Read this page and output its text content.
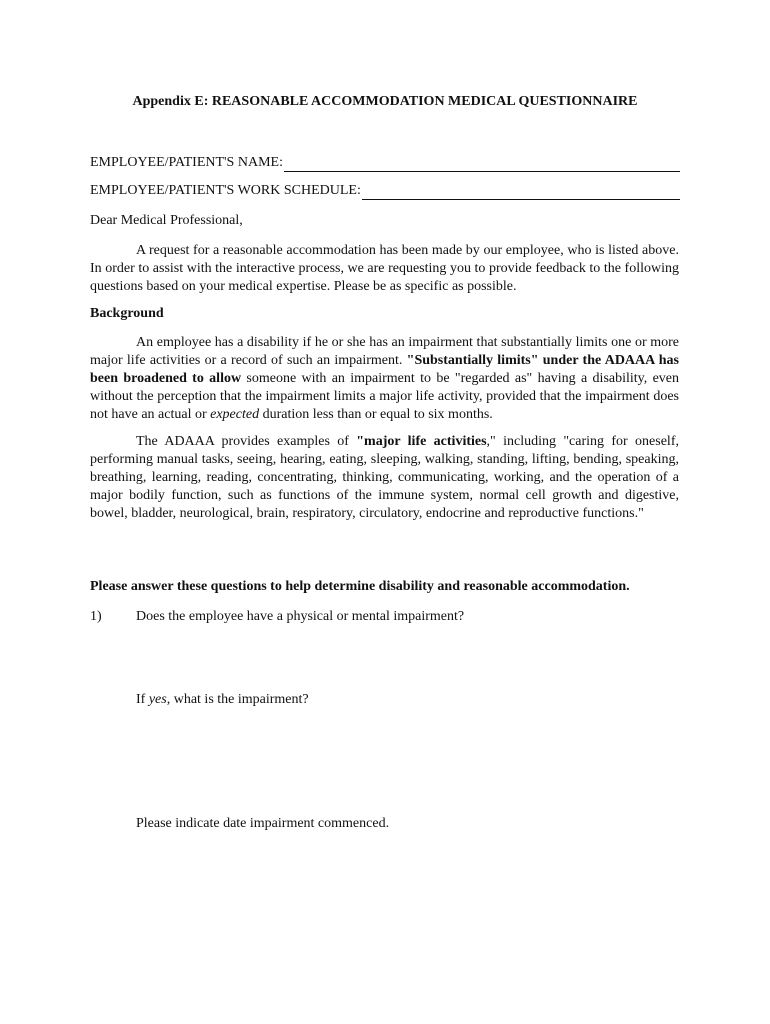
Appendix E: REASONABLE ACCOMMODATION MEDICAL QUESTIONNAIRE
EMPLOYEE/PATIENT'S NAME:
EMPLOYEE/PATIENT'S WORK SCHEDULE:
Dear Medical Professional,
A request for a reasonable accommodation has been made by our employee, who is listed above. In order to assist with the interactive process, we are requesting you to provide feedback to the following questions based on your medical expertise. Please be as specific as possible.
Background
An employee has a disability if he or she has an impairment that substantially limits one or more major life activities or a record of such an impairment. "Substantially limits" under the ADAAA has been broadened to allow someone with an impairment to be "regarded as" having a disability, even without the perception that the impairment limits a major life activity, provided that the impairment does not have an actual or expected duration less than or equal to six months.
The ADAAA provides examples of "major life activities," including "caring for oneself, performing manual tasks, seeing, hearing, eating, sleeping, walking, standing, lifting, bending, speaking, breathing, learning, reading, concentrating, thinking, communicating, working, and the operation of a major bodily function, such as functions of the immune system, normal cell growth and digestive, bowel, bladder, neurological, brain, respiratory, circulatory, endocrine and reproductive functions."
Please answer these questions to help determine disability and reasonable accommodation.
1) Does the employee have a physical or mental impairment?
If yes, what is the impairment?
Please indicate date impairment commenced.
